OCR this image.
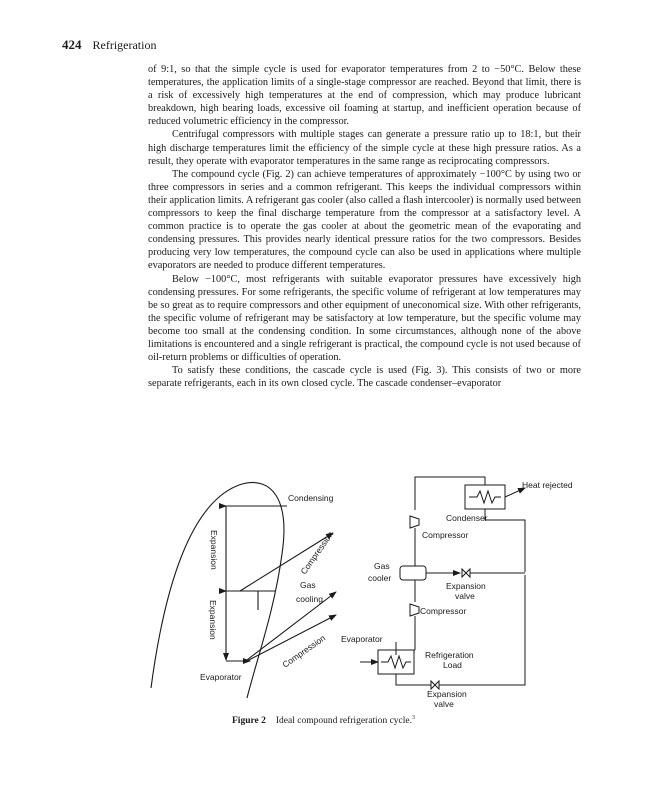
424 Refrigeration

of 9:1, so that the simple cycle is used for evaporator temperatures from 2 to −50°C. Below these temperatures, the application limits of a single-stage compressor are reached. Beyond that limit, there is a risk of excessively high temperatures at the end of compression, which may produce lubricant breakdown, high bearing loads, excessive oil foaming at startup, and inefficient operation because of reduced volumetric efficiency in the compressor.

Centrifugal compressors with multiple stages can generate a pressure ratio up to 18:1, but their high discharge temperatures limit the efficiency of the simple cycle at these high pressure ratios. As a result, they operate with evaporator temperatures in the same range as reciprocating compressors.

The compound cycle (Fig. 2) can achieve temperatures of approximately −100°C by using two or three compressors in series and a common refrigerant. This keeps the individual compressors within their application limits. A refrigerant gas cooler (also called a flash intercooler) is normally used between compressors to keep the final discharge temperature from the compressor at a satisfactory level. A common practice is to operate the gas cooler at about the geometric mean of the evaporating and condensing pressures. This provides nearly identical pressure ratios for the two compressors. Besides producing very low temperatures, the compound cycle can also be used in applications where multiple evaporators are needed to produce different temperatures.

Below −100°C, most refrigerants with suitable evaporator pressures have excessively high condensing pressures. For some refrigerants, the specific volume of refrigerant at low temperatures may be so great as to require compressors and other equipment of uneconomical size. With other refrigerants, the specific volume of refrigerant may be satisfactory at low temperature, but the specific volume may become too small at the condensing condition. In some circumstances, although none of the above limitations is encountered and a single refrigerant is practical, the compound cycle is not used because of oil-return problems or difficulties of operation.

To satisfy these conditions, the cascade cycle is used (Fig. 3). This consists of two or more separate refrigerants, each in its own closed cycle. The cascade condenser–evaporator

Condensing
Expansion
Expansion
Compression
Compression
Gas
cooling
Evaporator
Heat rejected
Condenser
Compressor
Gas
cooler
Expansion
valve
Compressor
Evaporator
Refrigeration
Load
Expansion
valve
Figure 2 Ideal compound refrigeration cycle.$^3$
